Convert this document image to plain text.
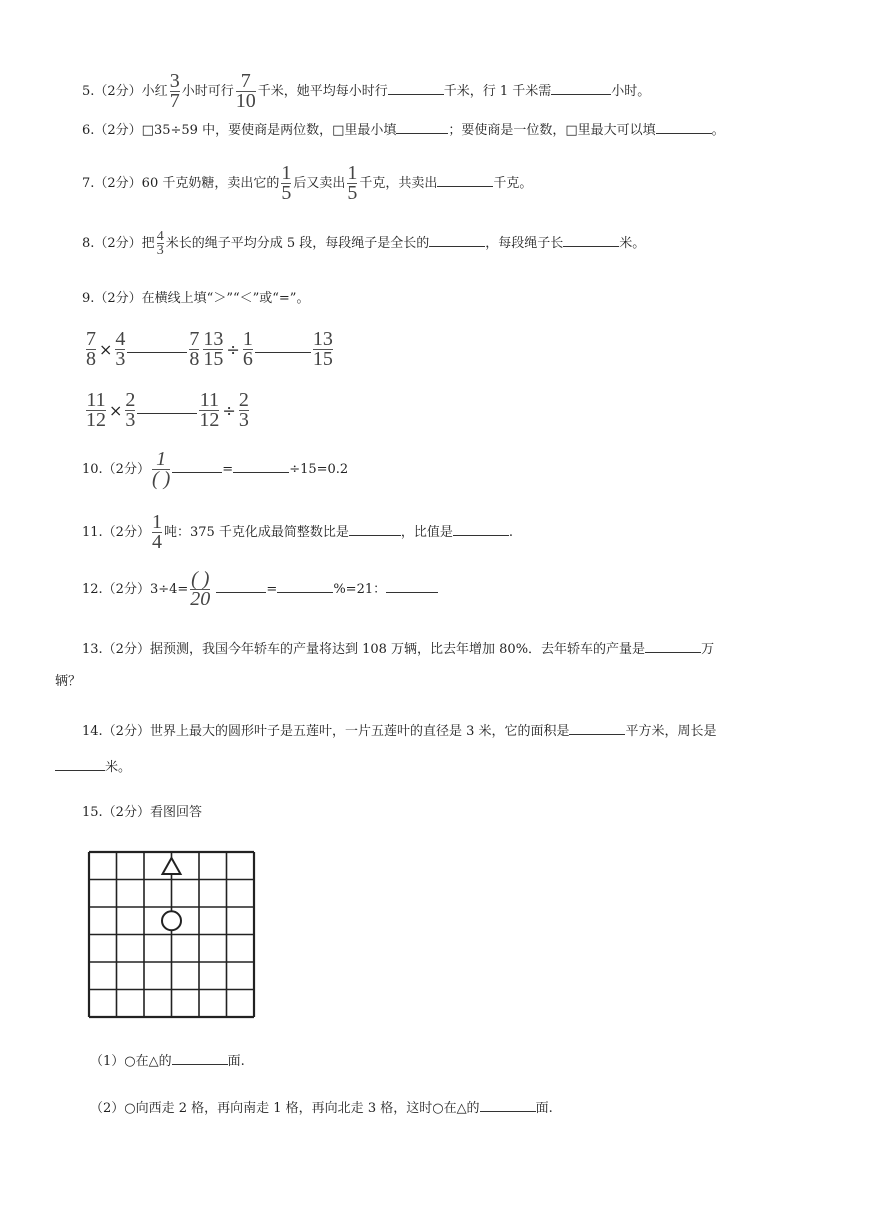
5.（2分）小红 $\frac{3}{7}$ 小时可行 $\frac{7}{10}$ 千米，她平均每小时行	千米，行 1 千米需	小时。
6.（2分）□35÷59 中，要使商是两位数，□里最小填	；要使商是一位数，□里最大可以填	。
7.（2分）60 千克奶糖，卖出它的 $\frac{1}{5}$ 后又卖出 $\frac{1}{5}$ 千克，共卖出	千克。
8.（2分）把 $\frac{4}{3}$ 米长的绳子平均分成 5 段，每段绳子是全长的	，每段绳子长	米。
9.（2分）在横线上填“＞”“＜”或“=”。
$\frac{7}{8} \times \frac{4}{3}$	$\frac{7}{8} \frac{13}{15} \div \frac{1}{6}$	$\frac{13}{15}$
$\frac{11}{12} \times \frac{2}{3}$	$\frac{11}{12} \div \frac{2}{3}$
10.（2分） $\frac{1}{( )}$	=	÷15=0.2
11.（2分） $\frac{1}{4}$ 吨：375 千克化成最简整数比是	，比值是	.
12.（2分）$3\div 4= \frac{( )}{20}$	=	%=21：
13.（2分）据预测，我国今年轿车的产量将达到 108 万辆，比去年增加 80%．去年轿车的产量是	万
辆？
14.（2分）世界上最大的圆形叶子是五莲叶，一片五莲叶的直径是 3 米，它的面积是	平方米，周长是
米。
15.（2分）看图回答
（1）○在△的	面.
（2）○向西走 2 格，再向南走 1 格，再向北走 3 格，这时○在△的	面.
